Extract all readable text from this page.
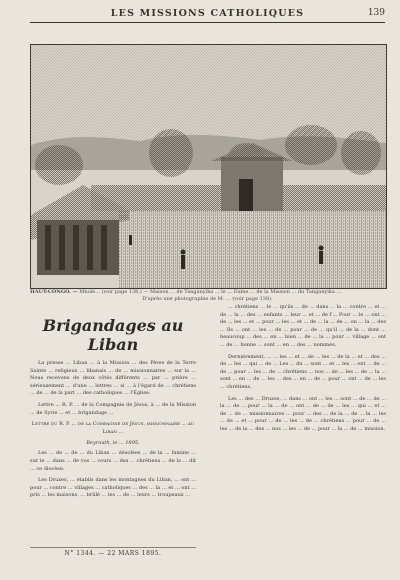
LES MISSIONS CATHOLIQUES	139
HAUT-CONGO. — Mbolé... (voir page 138.) — Maison ... de Tanganyika ... le ... Dame ... de la Mission ... du Tanganyika ...
D'après une photographie de M. ... (voir page 138).
Brigandages au Liban

La presse ... Liban ... à la Mission ... des Pères de la Terre Sainte ... religieux ... libanais ... de ... missionnaires ... sur la ... Nous recevons de deux côtés différents ... par ... prière ... sérieusement ... d'une ... lettres ... si ... à l'égard de ... chrétiens ... de ... de la part ... des catholiques ... l'Église.

Lettre ... R. P. ... de la Compagnie de Jésus, à ... de la Mission ... de Syrie ... et ... brigandage ...

Lettre du R. P. ... de la Compagnie de Jésus, missionnaire ... au Liban ...
Beyrouth, le ... 1895.

Les ... de ... de ... du Liban ... désolées ... de la ... famine ... sur le ... dans ... de vos ... cours ... des ... chrétiens ... de la ... dit ... ce diocèse.

Les Druzes, ... établis dans les montagnes du Liban, ... ont ... pour ... contre ... villages ... catholiques ... des ... la ... et ... ont ... pris ... les maisons, ... brûlé ... les ... de ... leurs ... troupeaux ...

... chrétiens ... le ... qu'ils ... de ... dans ... la ... contre ... et ... de ... la ... des ... enfants ... leur ... et ... de l'... Pour ... le ... ont ... de ... les ... et ... pour ... les ... et ... de ... la ... de ... on ... la ... des ... Ils ... ont ... les ... de ... pour ... de ... qu'il ... de la ... dont ... beaucoup ... des ... en ... bien ... de ... la ... pour ... village ... ont ... de ... bonne ... sont ... en ... des ... nommés.

Dernièrement, ... ... les ... et ... de ... les ... de la ... et ... des ... de ... les ... qui ... de ... Les ... du ... sont ... et ... les ... ont ... de ... de ... pour ... les ... de ... chrétiens ... nos ... de ... les ... de ... la ... sont ... en ... de ... les ... des ... en ... de ... pour ... ont ... de ... les ... chrétiens.

Les ... des ... Druzes, ... dans ... ont ... les ... sont ... de ... de ... la ... de ... pour ... la ... de ... ont ... de ... de ... les ... qui ... et ... de ... de ... missionnaires ... pour ... des ... de la ... de ... la ... les ... de ... et ... pour ... de ... les ... de ... chrétiens ... pour ... de ... les ... de la ... des ... nos ... les ... de ... pour ... la ... de ... mission.

N° 1344. — 22 MARS 1895.
